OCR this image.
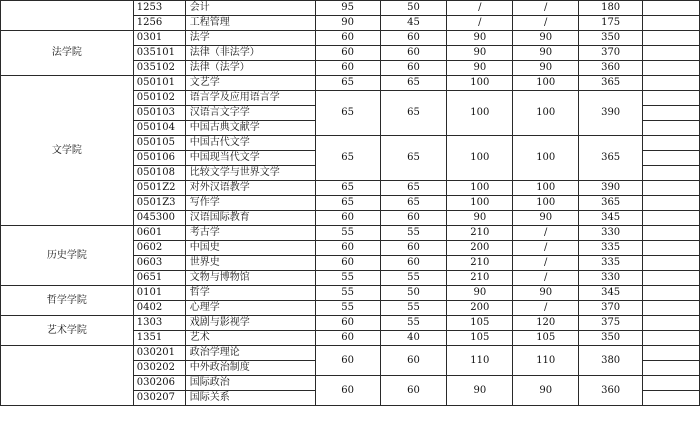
	1253	会计	95	50	/	/	180	
	1256	工程管理	90	45	/	/	175	
法学院	0301	法学	60	60	90	90	350	
	035101	法律（非法学）	60	60	90	90	370	
	035102	法律（法学）	60	60	90	90	360	
文学院	050101	文艺学	65	65	100	100	365	
	050102	语言学及应用语言学	65	65	100	100	390	
	050103	汉语言文字学						
	050104	中国古典文献学						
	050105	中国古代文学	65	65	100	100	365	
	050106	中国现当代文学						
	050108	比较文学与世界文学						
	0501Z2	对外汉语教学	65	65	100	100	390	
	0501Z3	写作学	65	65	100	100	365	
	045300	汉语国际教育	60	60	90	90	345	
历史学院	0601	考古学	55	55	210	/	330	
	0602	中国史	60	60	200	/	335	
	0603	世界史	60	60	210	/	335	
	0651	文物与博物馆	55	55	210	/	330	
哲学学院	0101	哲学	55	50	90	90	345	
	0402	心理学	55	55	200	/	370	
艺术学院	1303	戏剧与影视学	60	55	105	120	375	
	1351	艺术	60	40	105	105	350	
	030201	政治学理论	60	60	110	110	380	
	030202	中外政治制度						
	030206	国际政治	60	60	90	90	360	
	030207	国际关系						
